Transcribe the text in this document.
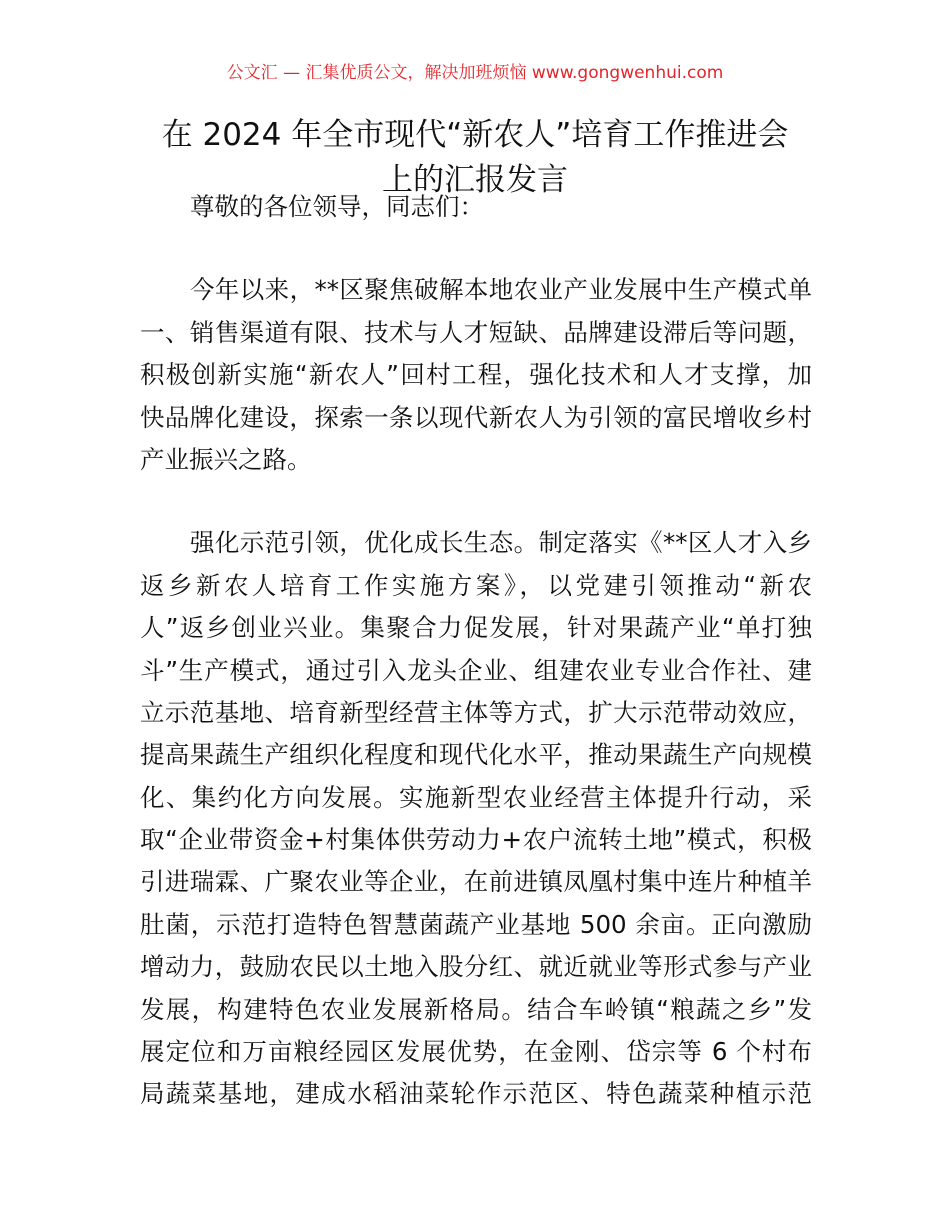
公文汇 — 汇集优质公文，解决加班烦恼 www.gongwenhui.com
在 2024 年全市现代“新农人”培育工作推进会
上的汇报发言
尊敬的各位领导，同志们：
今年以来，**区聚焦破解本地农业产业发展中生产模式单
一、销售渠道有限、技术与人才短缺、品牌建设滞后等问题，
积极创新实施“新农人”回村工程，强化技术和人才支撑，加
快品牌化建设，探索一条以现代新农人为引领的富民增收乡村
产业振兴之路。
强化示范引领，优化成长生态。制定落实《**区人才入乡
返乡新农人培育工作实施方案》，以党建引领推动“新农
人”返乡创业兴业。集聚合力促发展，针对果蔬产业“单打独
斗”生产模式，通过引入龙头企业、组建农业专业合作社、建
立示范基地、培育新型经营主体等方式，扩大示范带动效应，
提高果蔬生产组织化程度和现代化水平，推动果蔬生产向规模
化、集约化方向发展。实施新型农业经营主体提升行动，采
取“企业带资金+村集体供劳动力+农户流转土地”模式，积极
引进瑞霖、广聚农业等企业，在前进镇凤凰村集中连片种植羊
肚菌，示范打造特色智慧菌蔬产业基地 500 余亩。正向激励
增动力，鼓励农民以土地入股分红、就近就业等形式参与产业
发展，构建特色农业发展新格局。结合车岭镇“粮蔬之乡”发
展定位和万亩粮经园区发展优势，在金刚、岱宗等 6 个村布
局蔬菜基地，建成水稻油菜轮作示范区、特色蔬菜种植示范
